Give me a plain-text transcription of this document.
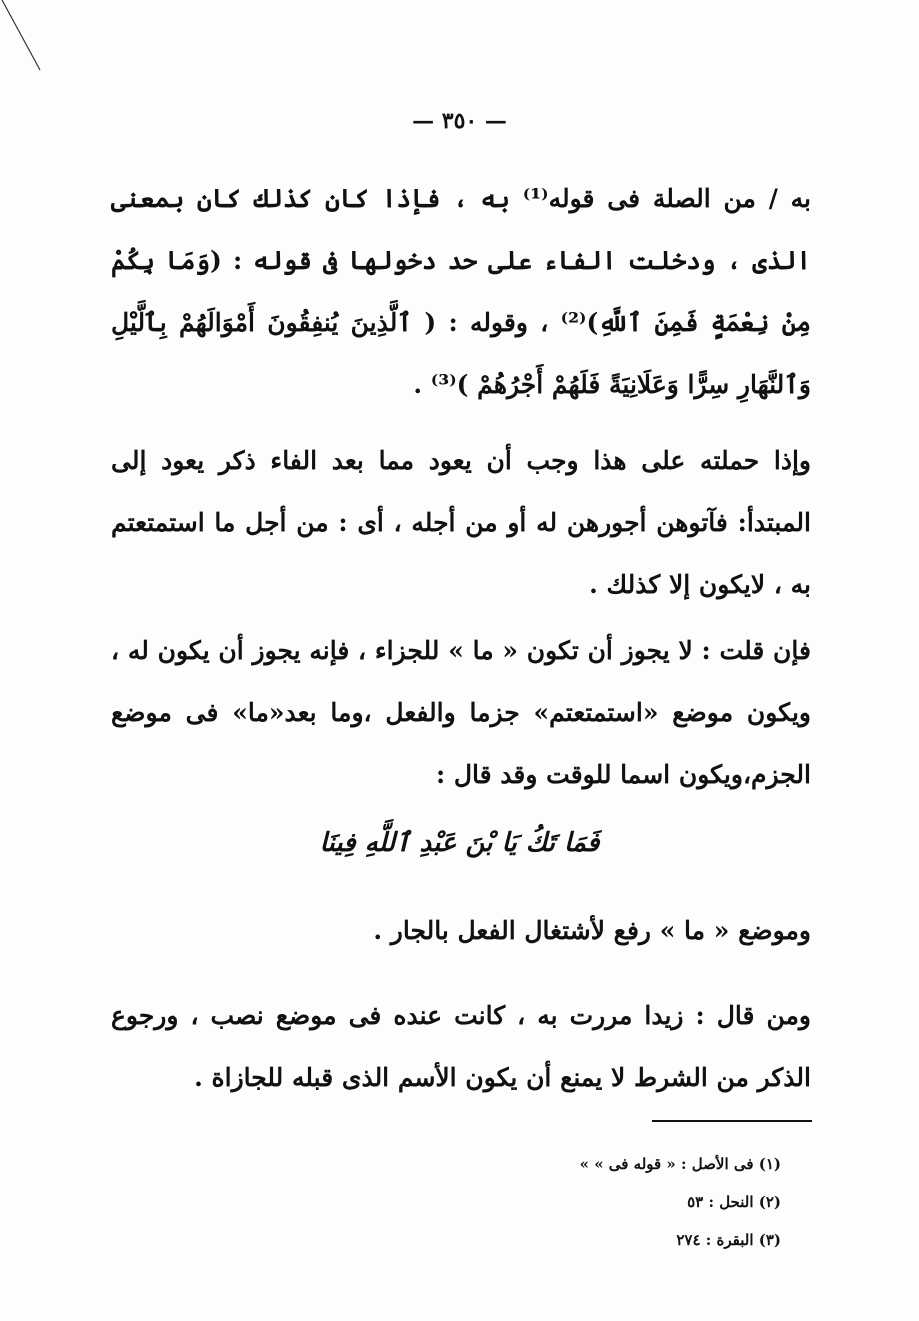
— ٣٥٠ —
به / من الصلة فى قوله⁽¹⁾ به ، فإذا كان كذلك كان بمعنى الذى ، ودخلت الفاء على حد دخولها فى قوله : (وَمَا بِكُمْ مِنْ نِعْمَةٍ فَمِنَ ٱللَّهِ)⁽²⁾ ، وقوله : ( ٱلَّذِينَ يُنفِقُونَ أَمْوَالَهُمْ بِٱلَّيْلِ وَٱلنَّهَارِ سِرًّا وَعَلَانِيَةً فَلَهُمْ أَجْرُهُمْ )⁽³⁾ .
وإذا حملته على هذا وجب أن يعود مما بعد الفاء ذكر يعود إلى المبتدأ: فآتوهن أجورهن له أو من أجله ، أى : من أجل ما استمتعتم به ، لايكون إلا كذلك .
فإن قلت : لا يجوز أن تكون « ما » للجزاء ، فإنه يجوز أن يكون له ، ويكون موضع «استمتعتم» جزما والفعل ،وما بعد«ما» فى موضع الجزم،ويكون اسما للوقت وقد قال :
فَمَا تَكُ يَا بْنَ عَبْدِ ٱللَّهِ فِينَا
وموضع « ما » رفع لأشتغال الفعل بالجار .
ومن قال : زيدا مررت به ، كانت عنده فى موضع نصب ، ورجوع الذكر من الشرط لا يمنع أن يكون الأسم الذى قبله للجازاة .
(١) فى الأصل : « قوله فى » »
(٢) النحل : ٥٣
(٣) البقرة : ٢٧٤
